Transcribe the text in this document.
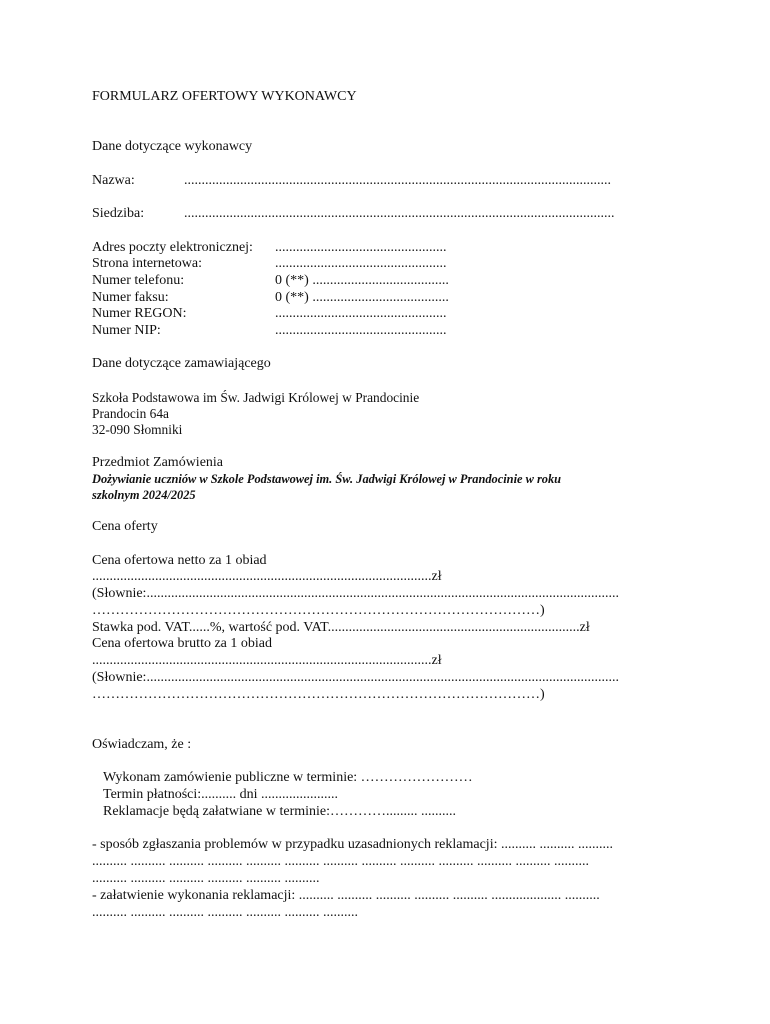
FORMULARZ OFERTOWY WYKONAWCY
Dane dotyczące wykonawcy
Nazwa:	..........................................................................................................................
Siedziba:	...........................................................................................................................
Adres poczty elektronicznej: .................................................
Strona internetowa:	.................................................
Numer telefonu:	0 (**) .......................................
Numer faksu:	0 (**) .......................................
Numer REGON:	.................................................
Numer NIP:	.................................................
Dane dotyczące zamawiającego
Szkoła Podstawowa im Św. Jadwigi Królowej w Prandocinie
Prandocin 64a
32-090 Słomniki
Przedmiot Zamówienia
Dożywianie uczniów w Szkole Podstawowej im. Św. Jadwigi Królowej w Prandocinie w roku
szkolnym 2024/2025
Cena oferty
Cena ofertowa netto za 1 obiad
.................................................................................................zł
(Słownie:.......................................................................................................................................
……………………………………………………………………………………)
Stawka pod. VAT......%, wartość pod. VAT........................................................................zł
Cena ofertowa brutto za 1 obiad
.................................................................................................zł
(Słownie:.......................................................................................................................................
……………………………………………………………………………………)
Oświadczam, że :
Wykonam zamówienie publiczne w terminie: ……………………
Termin płatności:.......... dni ......................
Reklamacje będą załatwiane w terminie:…………......... ..........
- sposób zgłaszania problemów w przypadku uzasadnionych reklamacji: .......... .......... ..........
.......... .......... .......... .......... .......... .......... .......... .......... .......... .......... .......... .......... ..........
.......... .......... .......... .......... .......... ..........
- załatwienie wykonania reklamacji: .......... .......... .......... .......... .......... .................... ..........
.......... .......... .......... .......... .......... .......... ..........
